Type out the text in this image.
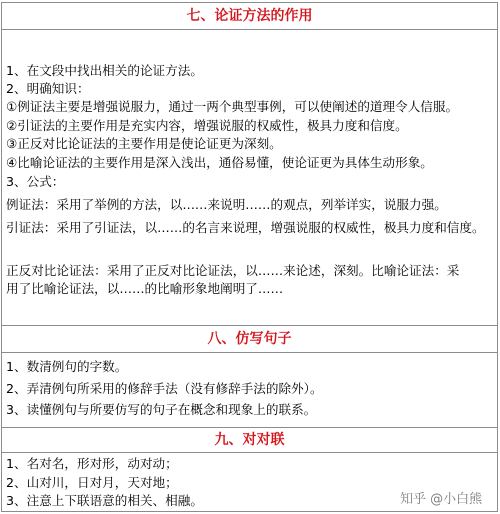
七、论证方法的作用
1、在文段中找出相关的论证方法。
2、明确知识：
①例证法主要是增强说服力，通过一两个典型事例，可以使阐述的道理令人信服。
②引证法的主要作用是充实内容，增强说服的权威性，极具力度和信度。
③正反对比论证法的主要作用是使论证更为深刻。
④比喻论证法的主要作用是深入浅出，通俗易懂，使论证更为具体生动形象。
3、公式：
例证法：采用了举例的方法，以……来说明……的观点，列举详实，说服力强。
引证法：采用了引证法，以……的名言来说理，增强说服的权威性，极具力度和信度。
正反对比论证法：采用了正反对比论证法，以……来论述，深刻。比喻论证法：采
用了比喻论证法，以……的比喻形象地阐明了……
八、仿写句子
1、数清例句的字数。
2、弄清例句所采用的修辞手法（没有修辞手法的除外）。
3、读懂例句与所要仿写的句子在概念和现象上的联系。
九、对对联
1、名对名，形对形，动对动；
2、山对川，日对月，天对地；
3、注意上下联语意的相关、相融。	知乎 @小白熊
